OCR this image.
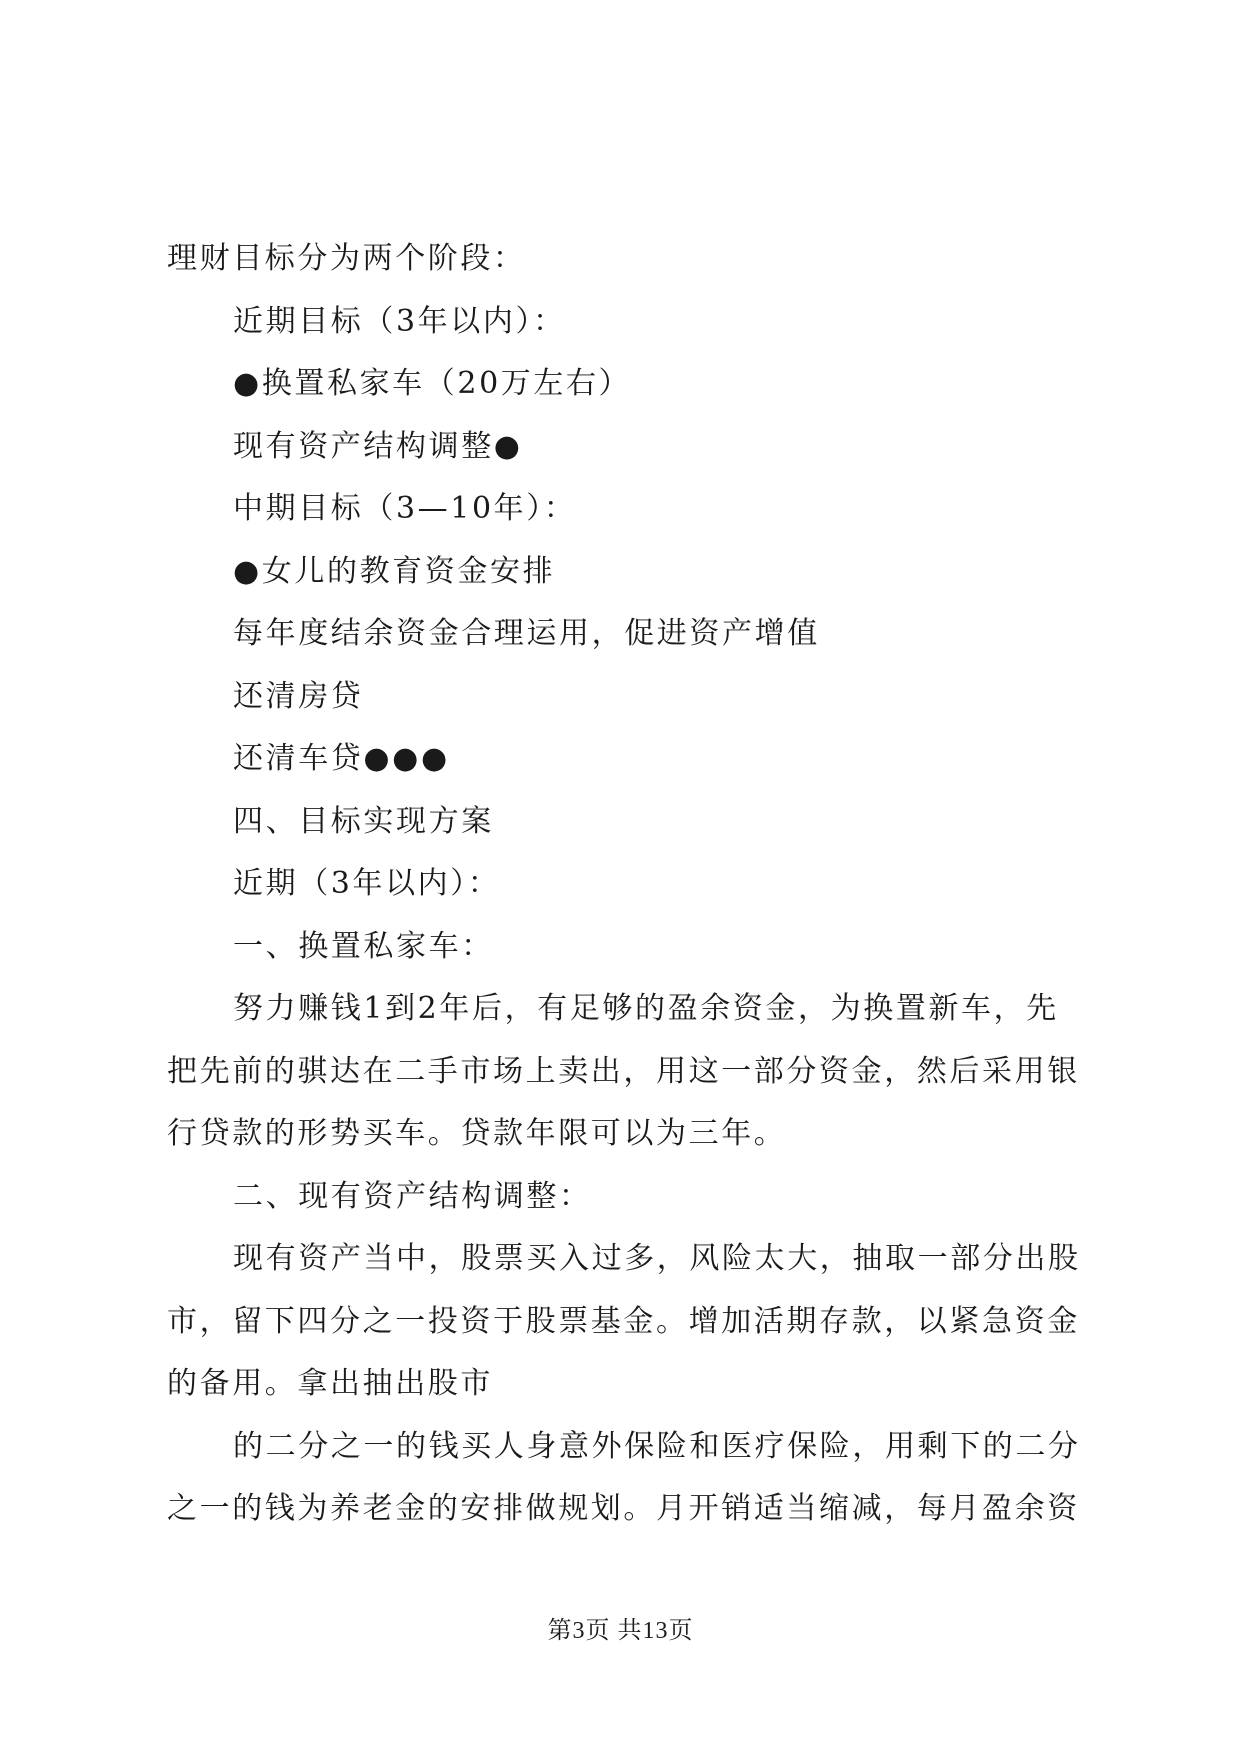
理财目标分为两个阶段：
近期目标（3年以内）：
●换置私家车（20万左右）
现有资产结构调整●
中期目标（3—10年）：
●女儿的教育资金安排
每年度结余资金合理运用，促进资产增值
还清房贷
还清车贷●●●
四、目标实现方案
近期（3年以内）：
一、换置私家车：
努力赚钱1到2年后，有足够的盈余资金，为换置新车，先
把先前的骐达在二手市场上卖出，用这一部分资金，然后采用银
行贷款的形势买车。贷款年限可以为三年。
二、现有资产结构调整：
现有资产当中，股票买入过多，风险太大，抽取一部分出股
市，留下四分之一投资于股票基金。增加活期存款，以紧急资金
的备用。拿出抽出股市
的二分之一的钱买人身意外保险和医疗保险，用剩下的二分
之一的钱为养老金的安排做规划。月开销适当缩减，每月盈余资
第3页 共13页
